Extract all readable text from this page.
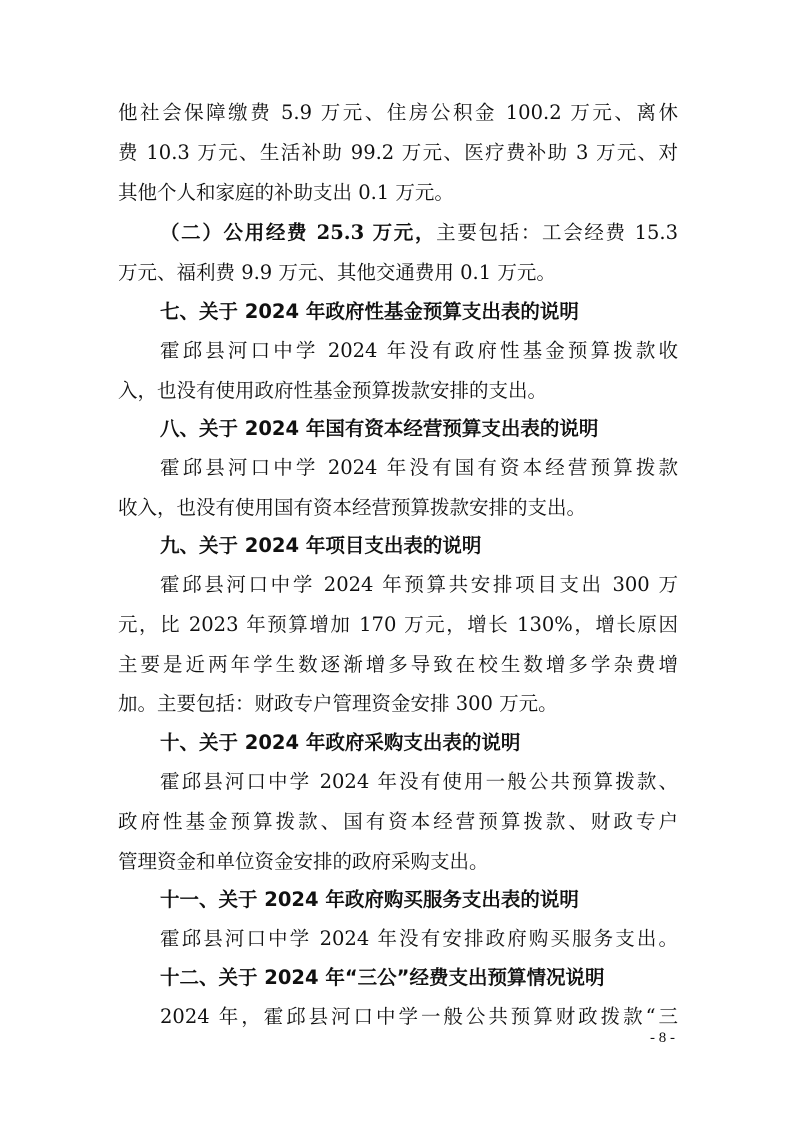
他社会保障缴费 5.9 万元、住房公积金 100.2 万元、离休
费 10.3 万元、生活补助 99.2 万元、医疗费补助 3 万元、对
其他个人和家庭的补助支出 0.1 万元。
（二）公用经费 25.3 万元，主要包括：工会经费 15.3
万元、福利费 9.9 万元、其他交通费用 0.1 万元。
七、关于 2024 年政府性基金预算支出表的说明
霍邱县河口中学 2024 年没有政府性基金预算拨款收
入，也没有使用政府性基金预算拨款安排的支出。
八、关于 2024 年国有资本经营预算支出表的说明
霍邱县河口中学 2024 年没有国有资本经营预算拨款
收入，也没有使用国有资本经营预算拨款安排的支出。
九、关于 2024 年项目支出表的说明
霍邱县河口中学 2024 年预算共安排项目支出 300 万
元，比 2023 年预算增加 170 万元，增长 130%，增长原因
主要是近两年学生数逐渐增多导致在校生数增多学杂费增
加。主要包括：财政专户管理资金安排 300 万元。
十、关于 2024 年政府采购支出表的说明
霍邱县河口中学 2024 年没有使用一般公共预算拨款、
政府性基金预算拨款、国有资本经营预算拨款、财政专户
管理资金和单位资金安排的政府采购支出。
十一、关于 2024 年政府购买服务支出表的说明
霍邱县河口中学 2024 年没有安排政府购买服务支出。
十二、关于 2024 年“三公”经费支出预算情况说明
2024 年，霍邱县河口中学一般公共预算财政拨款“三
- 8 -
